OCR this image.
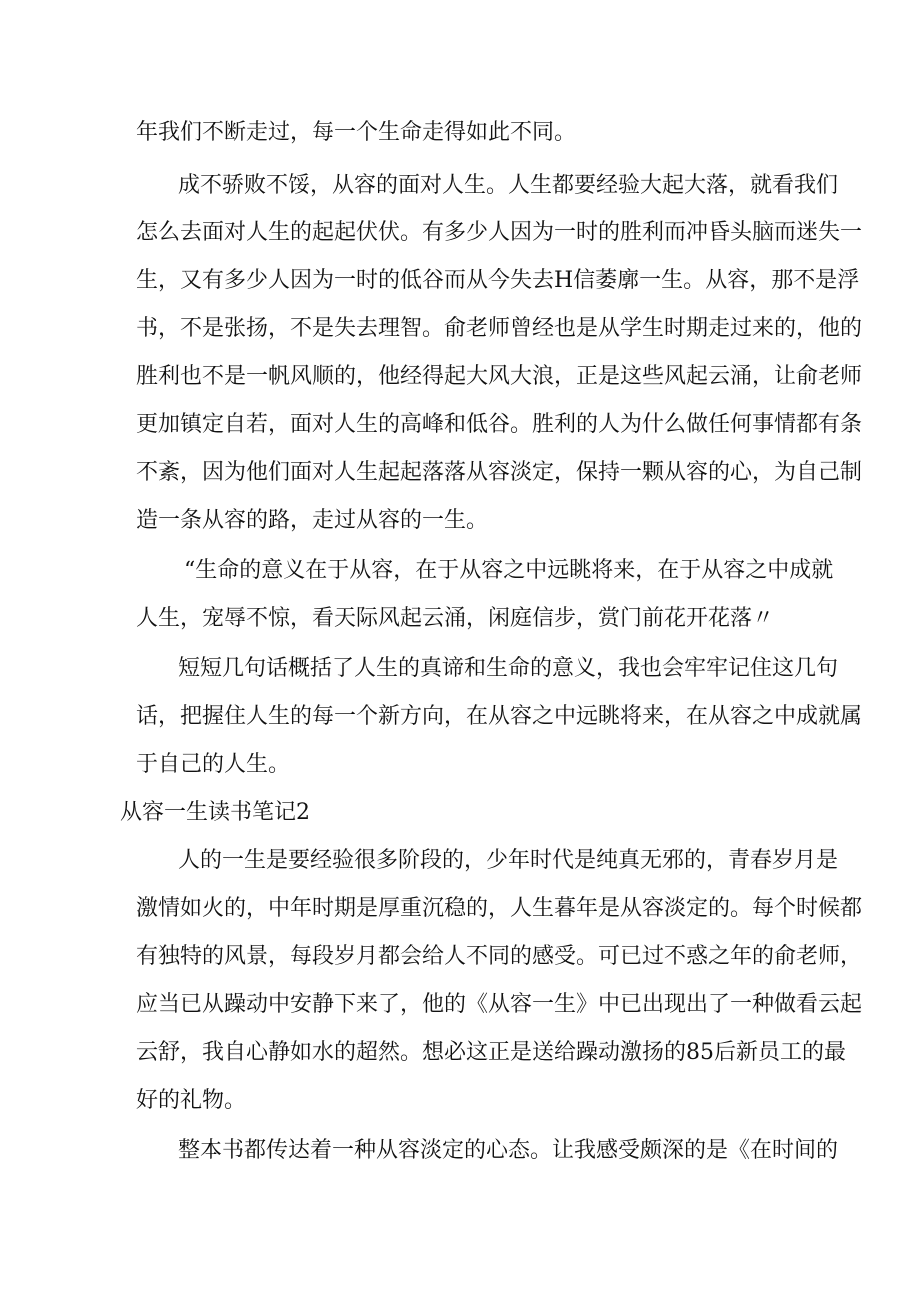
年我们不断走过，每一个生命走得如此不同。
成不骄败不馁，从容的面对人生。人生都要经验大起大落，就看我们
怎么去面对人生的起起伏伏。有多少人因为一时的胜利而冲昏头脑而迷失一
生，又有多少人因为一时的低谷而从今失去H信萎廓一生。从容，那不是浮
书，不是张扬，不是失去理智。俞老师曾经也是从学生时期走过来的，他的
胜利也不是一帆风顺的，他经得起大风大浪，正是这些风起云涌，让俞老师
更加镇定自若，面对人生的高峰和低谷。胜利的人为什么做任何事情都有条
不紊，因为他们面对人生起起落落从容淡定，保持一颗从容的心，为自己制
造一条从容的路，走过从容的一生。
“生命的意义在于从容，在于从容之中远眺将来，在于从容之中成就
人生，宠辱不惊，看天际风起云涌，闲庭信步，赏门前花开花落〃
短短几句话概括了人生的真谛和生命的意义，我也会牢牢记住这几句
话，把握住人生的每一个新方向，在从容之中远眺将来，在从容之中成就属
于自己的人生。
从容一生读书笔记2
人的一生是要经验很多阶段的，少年时代是纯真无邪的，青春岁月是
激情如火的，中年时期是厚重沉稳的，人生暮年是从容淡定的。每个时候都
有独特的风景，每段岁月都会给人不同的感受。可已过不惑之年的俞老师，
应当已从躁动中安静下来了，他的《从容一生》中已出现出了一种做看云起
云舒，我自心静如水的超然。想必这正是送给躁动激扬的85后新员工的最
好的礼物。
整本书都传达着一种从容淡定的心态。让我感受颇深的是《在时间的
